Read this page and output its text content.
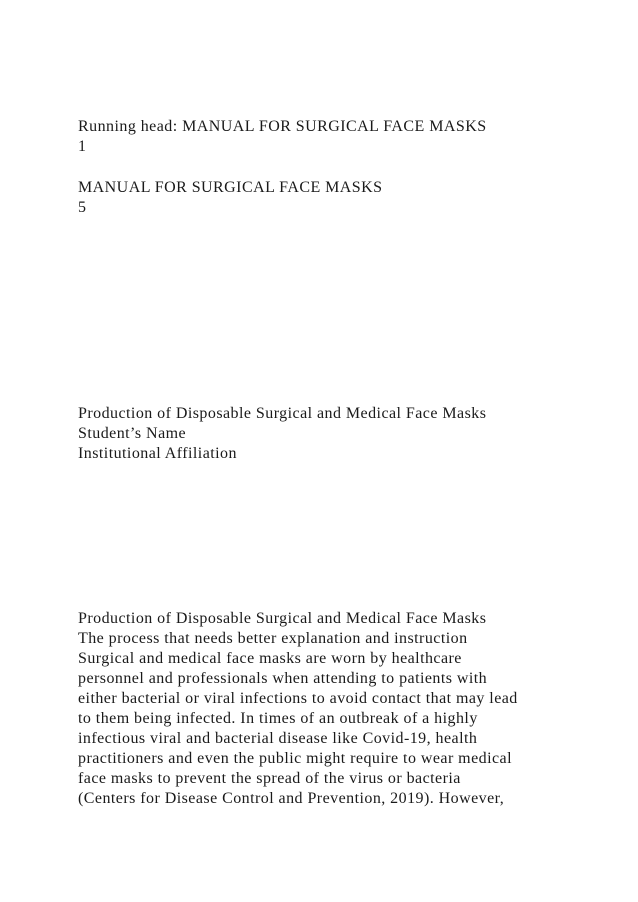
Running head: MANUAL FOR SURGICAL FACE MASKS
1
MANUAL FOR SURGICAL FACE MASKS
5
Production of Disposable Surgical and Medical Face Masks
Student’s Name
Institutional Affiliation
Production of Disposable Surgical and Medical Face Masks
The process that needs better explanation and instruction
Surgical and medical face masks are worn by healthcare
personnel and professionals when attending to patients with
either bacterial or viral infections to avoid contact that may lead
to them being infected. In times of an outbreak of a highly
infectious viral and bacterial disease like Covid-19, health
practitioners and even the public might require to wear medical
face masks to prevent the spread of the virus or bacteria
(Centers for Disease Control and Prevention, 2019). However,
